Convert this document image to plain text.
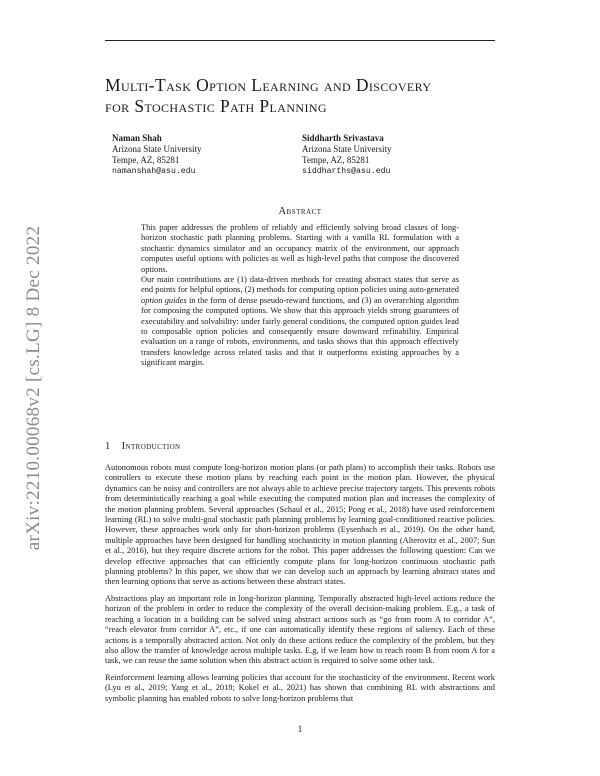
arXiv:2210.00068v2 [cs.LG] 8 Dec 2022
Multi-Task Option Learning and Discovery
for Stochastic Path Planning
Naman Shah
Arizona State University
Tempe, AZ, 85281
namanshah@asu.edu
Siddharth Srivastava
Arizona State University
Tempe, AZ, 85281
siddharths@asu.edu
Abstract

This paper addresses the problem of reliably and efficiently solving broad classes of long-horizon stochastic path planning problems. Starting with a vanilla RL formulation with a stochastic dynamics simulator and an occupancy matrix of the environment, our approach computes useful options with policies as well as high-level paths that compose the discovered options.

Our main contributions are (1) data-driven methods for creating abstract states that serve as end points for helpful options, (2) methods for computing option policies using auto-generated option guides in the form of dense pseudo-reward functions, and (3) an overarching algorithm for composing the computed options. We show that this approach yields strong guarantees of executability and solvability: under fairly general conditions, the computed option guides lead to composable option policies and consequently ensure downward refinability. Empirical evaluation on a range of robots, environments, and tasks shows that this approach effectively transfers knowledge across related tasks and that it outperforms existing approaches by a significant margin.

1 Introduction

Autonomous robots must compute long-horizon motion plans (or path plans) to accomplish their tasks. Robots use controllers to execute these motion plans by reaching each point in the motion plan. However, the physical dynamics can be noisy and controllers are not always able to achieve precise trajectory targets. This prevents robots from deterministically reaching a goal while executing the computed motion plan and increases the complexity of the motion planning problem. Several approaches (Schaul et al., 2015; Pong et al., 2018) have used reinforcement learning (RL) to solve multi-goal stochastic path planning problems by learning goal-conditioned reactive policies. However, these approaches work only for short-horizon problems (Eysenbach et al., 2019). On the other hand, multiple approaches have been designed for handling stochasticity in motion planning (Alterovitz et al., 2007; Sun et al., 2016), but they require discrete actions for the robot. This paper addresses the following question: Can we develop effective approaches that can efficiently compute plans for long-horizon continuous stochastic path planning problems? In this paper, we show that we can develop such an approach by learning abstract states and then learning options that serve as actions between these abstract states.

Abstractions play an important role in long-horizon planning. Temporally abstracted high-level actions reduce the horizon of the problem in order to reduce the complexity of the overall decision-making problem. E.g., a task of reaching a location in a building can be solved using abstract actions such as “go from room A to corridor A”, “reach elevator from corridor A”, etc., if one can automatically identify these regions of saliency. Each of these actions is a temporally abstracted action. Not only do these actions reduce the complexity of the problem, but they also allow the transfer of knowledge across multiple tasks. E.g, if we learn how to reach room B from room A for a task, we can reuse the same solution when this abstract action is required to solve some other task.

Reinforcement learning allows learning policies that account for the stochasticity of the environment. Recent work (Lyu et al., 2019; Yang et al., 2018; Kokel et al., 2021) has shown that combining RL with abstractions and symbolic planning has enabled robots to solve long-horizon problems that

1
